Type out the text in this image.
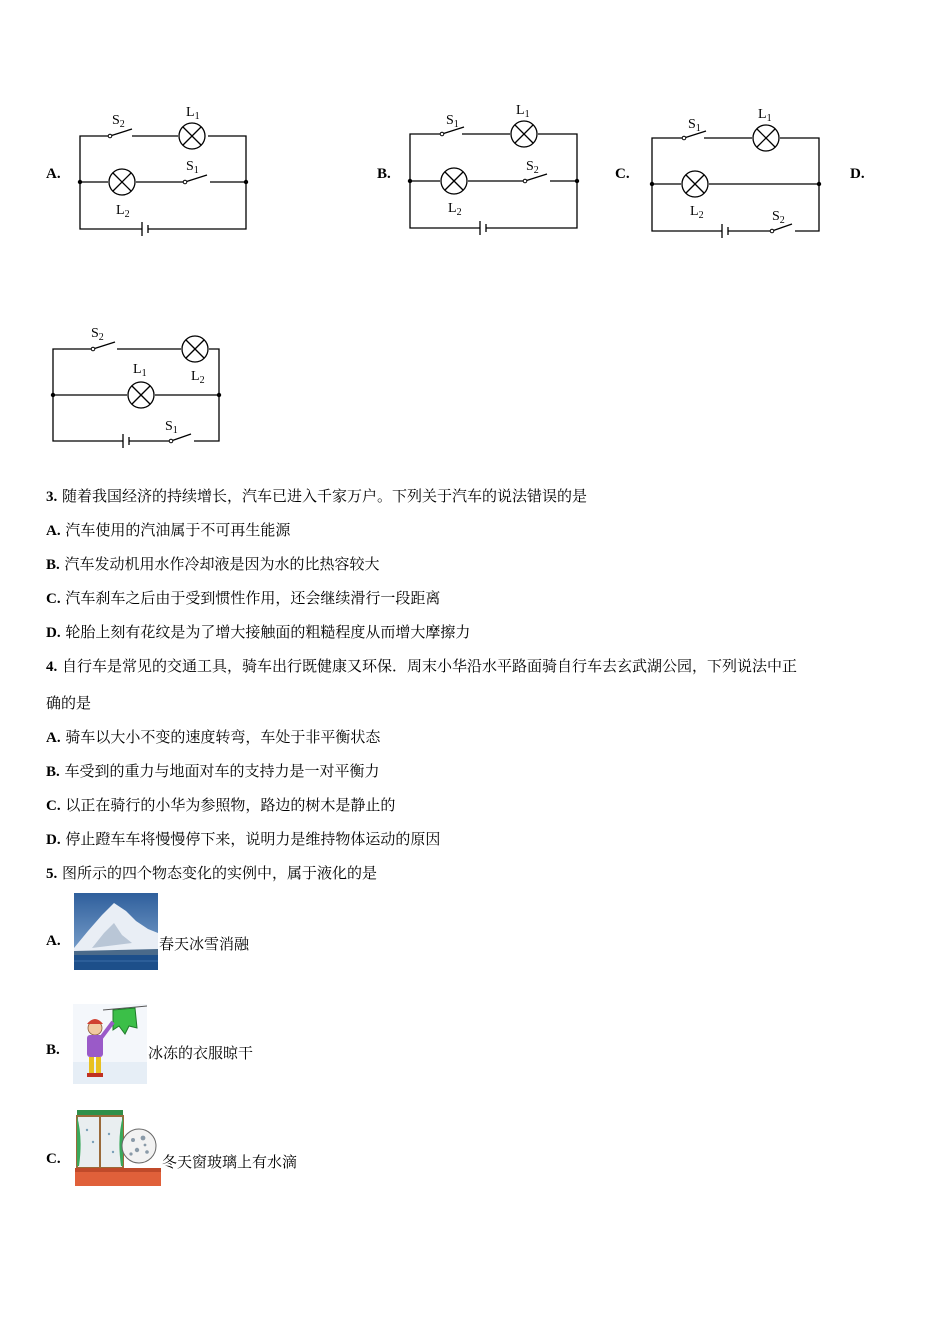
A.
$S_2$
$L_1$
$L_2$
$S_1$	B.
$S_1$
$L_1$
$L_2$
$S_2$	C.
$S_1$
$L_1$
$L_2$	$S_2$
D.
$S_2$
$L_2$
$L_1$
$S_1$
3. 随着我国经济的持续增长，汽车已进入千家万户。下列关于汽车的说法错误的是
A. 汽车使用的汽油属于不可再生能源
B. 汽车发动机用水作冷却液是因为水的比热容较大
C. 汽车刹车之后由于受到惯性作用，还会继续滑行一段距离
D. 轮胎上刻有花纹是为了增大接触面的粗糙程度从而增大摩擦力
4. 自行车是常见的交通工具，骑车出行既健康又环保．周末小华沿水平路面骑自行车去玄武湖公园，下列说法中正
确的是
A. 骑车以大小不变的速度转弯，车处于非平衡状态
B. 车受到的重力与地面对车的支持力是一对平衡力
C. 以正在骑行的小华为参照物，路边的树木是静止的
D. 停止蹬车车将慢慢停下来，说明力是维持物体运动的原因
5. 图所示的四个物态变化的实例中，属于液化的是
A.	春天冰雪消融
B.	冰冻的衣服晾干
C.	冬天窗玻璃上有水滴
